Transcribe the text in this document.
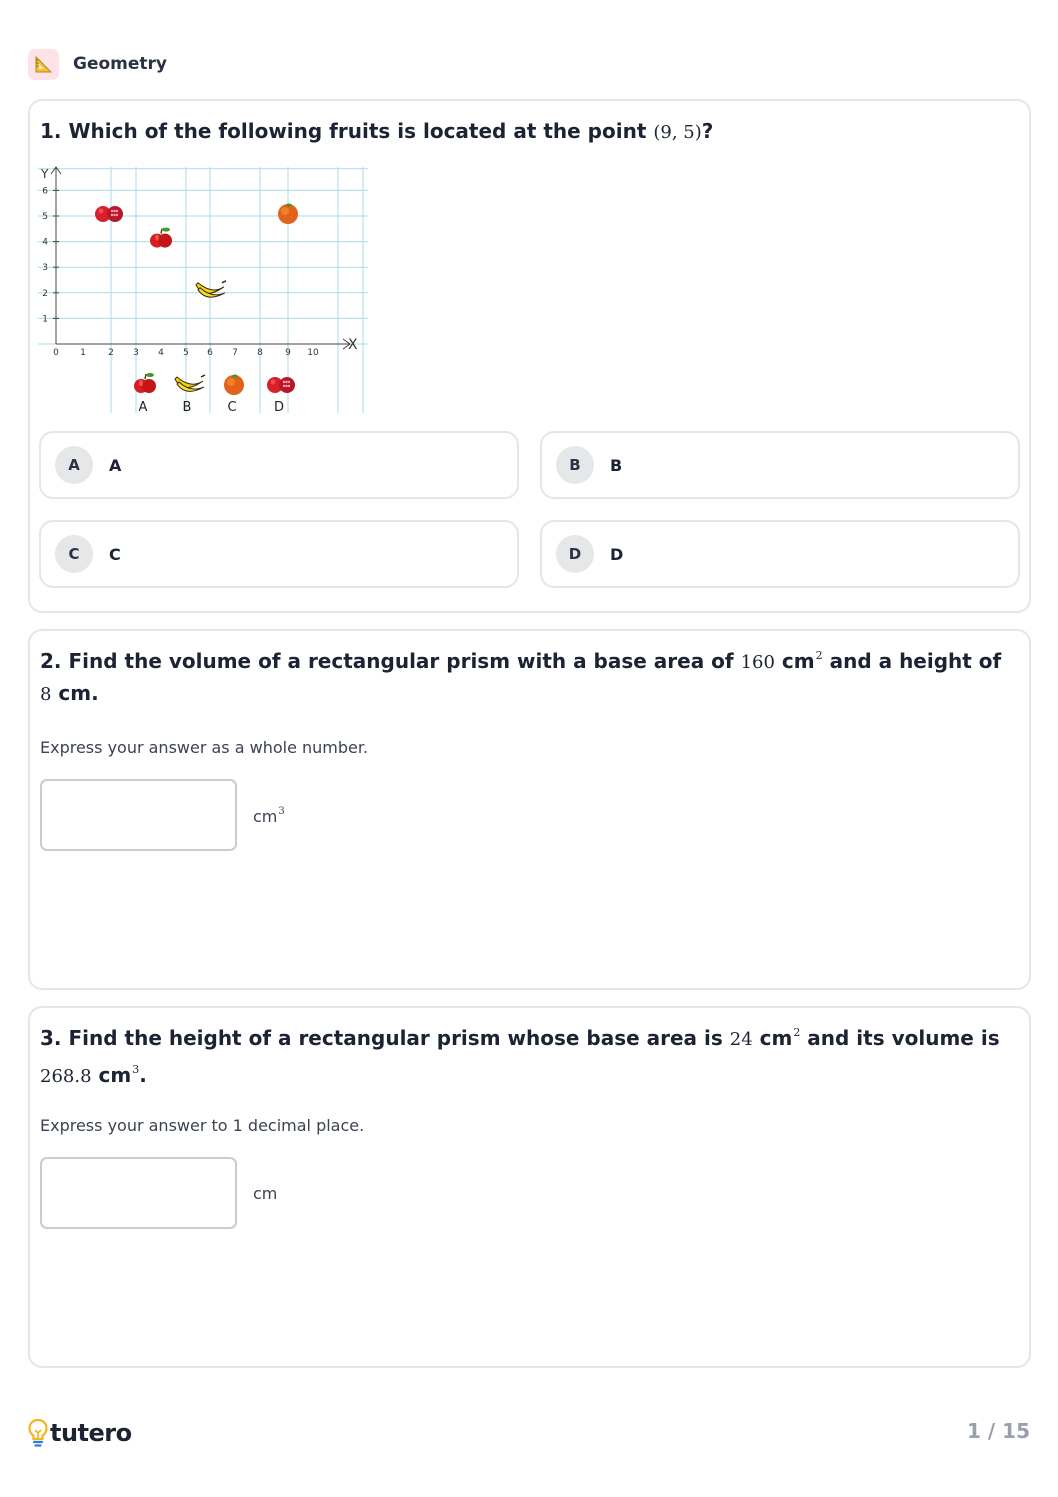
Geometry
1. Which of the following fruits is located at the point (9, 5)?
X
Y
0 1 2 3 4 5 6 7 8 9 10
1
2
3
4
5
6
A	B	C	D
A	A	B	B
C	C	D	D
2. Find the volume of a rectangular prism with a base area of 160 $cm^2$ and a height of 8 cm.
Express your answer as a whole number.
$cm^3$
3. Find the height of a rectangular prism whose base area is 24 $cm^2$ and its volume is 268.8 $cm^3$.
Express your answer to 1 decimal place.
cm
tutero	1 / 15
